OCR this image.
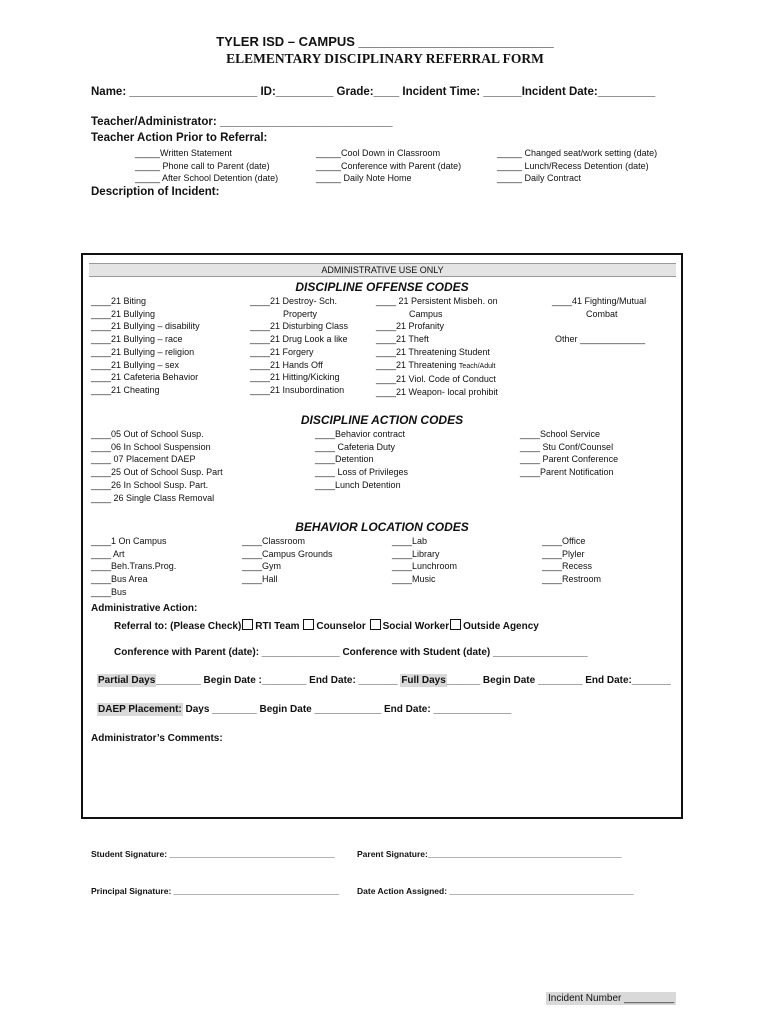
TYLER ISD – CAMPUS ___________________________
ELEMENTARY DISCIPLINARY REFERRAL FORM
Name: ____________________ ID:_________ Grade:____ Incident Time: ______Incident Date:_________
Teacher/Administrator: ___________________________
Teacher Action Prior to Referral:
_____Written Statement
_____ Phone call to Parent (date)
_____ After School Detention (date)
_____Cool Down in Classroom
_____Conference with Parent (date)
_____ Daily Note Home
_____ Changed seat/work setting (date)
_____ Lunch/Recess Detention (date)
_____ Daily Contract
Description of Incident:
ADMINISTRATIVE USE ONLY
DISCIPLINE OFFENSE CODES
____21 Biting
____21 Bullying
____21 Bullying – disability
____21 Bullying – race
____21 Bullying – religion
____21 Bullying – sex
____21 Cafeteria Behavior
____21 Cheating
____21 Destroy- Sch.
Property
____21 Disturbing Class
____21 Drug Look a like
____21 Forgery
____21 Hands Off
____21 Hitting/Kicking
____21 Insubordination
____ 21 Persistent Misbeh. on
Campus
____21 Profanity
____21 Theft
____21 Threatening Student
____21 Threatening Teach/Adult
____21 Viol. Code of Conduct
____21 Weapon- local prohibit
____41 Fighting/Mutual
Combat
Other _____________
DISCIPLINE ACTION CODES
____05 Out of School Susp.
____06 In School Suspension
____ 07 Placement DAEP
____25 Out of School Susp. Part
____26 In School Susp. Part.
____ 26 Single Class Removal
____Behavior contract
____ Cafeteria Duty
____Detention
____ Loss of Privileges
____Lunch Detention
____School Service
____ Stu Conf/Counsel
____ Parent Conference
____Parent Notification
BEHAVIOR LOCATION CODES
____1 On Campus
____ Art
____Beh.Trans.Prog.
____Bus Area
____Bus
____Classroom
____Campus Grounds
____Gym
____Hall
____Lab
____Library
____Lunchroom
____Music
____Office
____Plyler
____Recess
____Restroom
Administrative Action:
Referral to: (Please Check) RTI Team Counselor Social Worker Outside Agency
Conference with Parent (date): ______________ Conference with Student (date) _________________
Partial Days________ Begin Date :________ End Date: _______ Full Days______ Begin Date ________ End Date:_______
DAEP Placement: Days ________ Begin Date ____________ End Date: ______________
Administrator’s Comments:
Student Signature: ___________________________________	Parent Signature:_________________________________________
Principal Signature: ___________________________________ Date Action Assigned: _______________________________________
Incident Number _________
